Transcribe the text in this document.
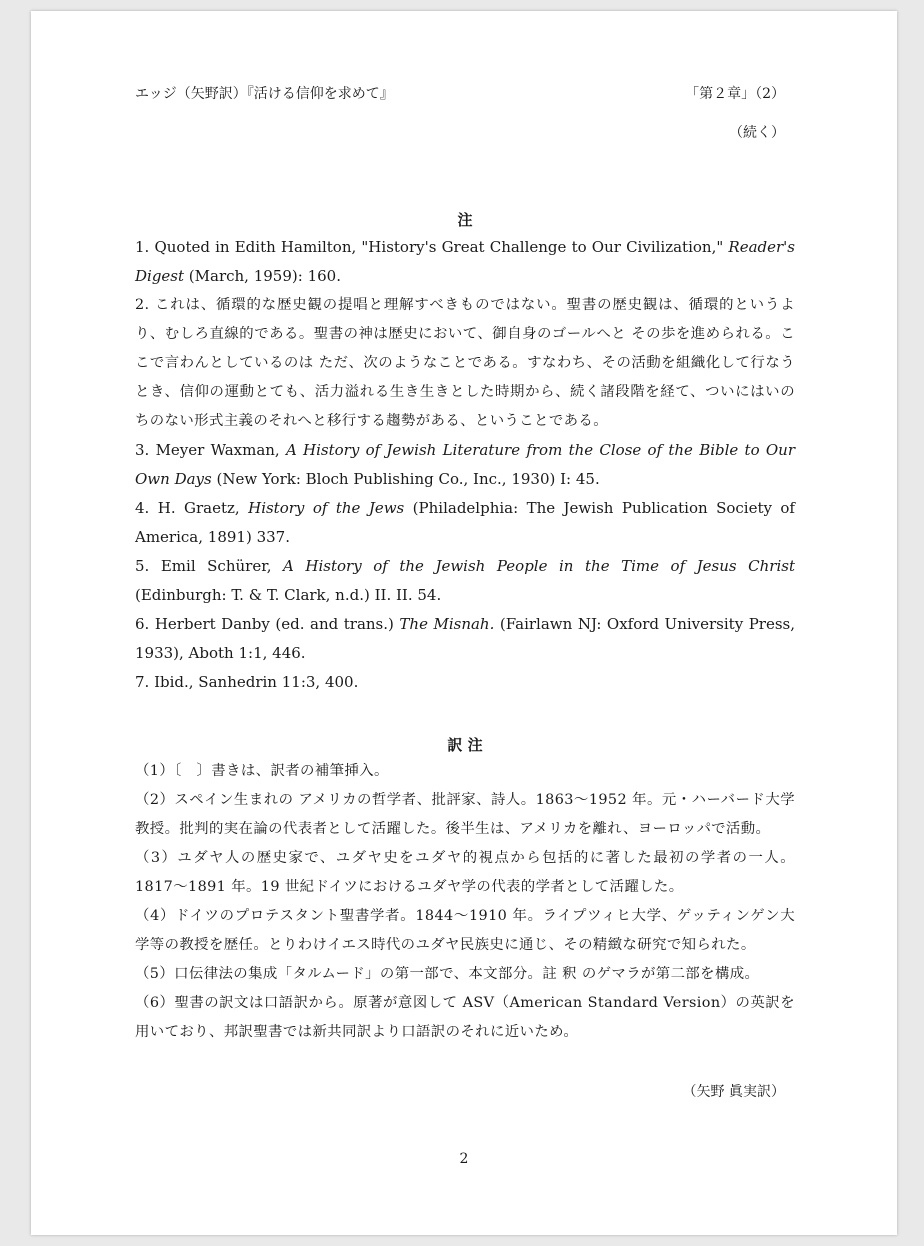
エッジ（矢野訳）『活ける信仰を求めて』	「第２章」（2）
（続く）
注

1. Quoted in Edith Hamilton, "History's Great Challenge to Our Civilization," Reader's Digest (March, 1959): 160.

2. これは、循環的な歴史観の提唱と理解すべきものではない。聖書の歴史観は、循環的というより、むしろ直線的である。聖書の神は歴史において、御自身のゴールへと その歩を進められる。ここで言わんとしているのは ただ、次のようなことである。すなわち、その活動を組織化して行なうとき、信仰の運動とても、活力溢れる生き生きとした時期から、続く諸段階を経て、ついにはいのちのない形式主義のそれへと移行する趨勢がある、ということである。

3. Meyer Waxman, A History of Jewish Literature from the Close of the Bible to Our Own Days (New York: Bloch Publishing Co., Inc., 1930) I: 45.

4. H. Graetz, History of the Jews (Philadelphia: The Jewish Publication Society of America, 1891) 337.

5. Emil Schürer, A History of the Jewish People in the Time of Jesus Christ (Edinburgh: T. & T. Clark, n.d.) II. II. 54.

6. Herbert Danby (ed. and trans.) The Misnah. (Fairlawn NJ: Oxford University Press, 1933), Aboth 1:1, 446.

7. Ibid., Sanhedrin 11:3, 400.

訳 注

（1）〔　〕書きは、訳者の補筆挿入。

（2）スペイン生まれの アメリカの哲学者、批評家、詩人。1863〜1952 年。元・ハーバード大学教授。批判的実在論の代表者として活躍した。後半生は、アメリカを離れ、ヨーロッパで活動。

（3）ユダヤ人の歴史家で、ユダヤ史をユダヤ的視点から包括的に著した最初の学者の一人。1817〜1891 年。19 世紀ドイツにおけるユダヤ学の代表的学者として活躍した。

（4）ドイツのプロテスタント聖書学者。1844〜1910 年。ライプツィヒ大学、ゲッティンゲン大学等の教授を歴任。とりわけイエス時代のユダヤ民族史に通じ、その精緻な研究で知られた。

（5）口伝律法の集成「タルムード」の第一部で、本文部分。註 釈 のゲマラが第二部を構成。

（6）聖書の訳文は口語訳から。原著が意図して ASV（American Standard Version）の英訳を用いており、邦訳聖書では新共同訳より口語訳のそれに近いため。

（矢野 眞実訳）
2
